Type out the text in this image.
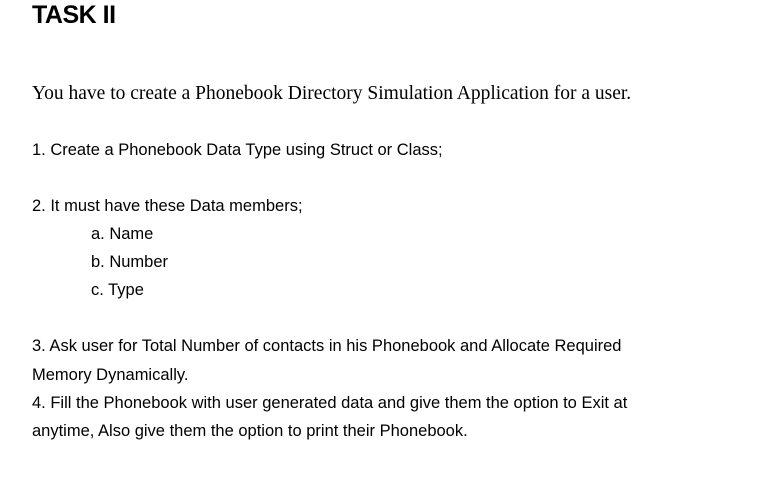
TASK II

You have to create a Phonebook Directory Simulation Application for a user.

1. Create a Phonebook Data Type using Struct or Class;

2. It must have these Data members;

a. Name

b. Number

c. Type

3. Ask user for Total Number of contacts in his Phonebook and Allocate Required

Memory Dynamically.

4. Fill the Phonebook with user generated data and give them the option to Exit at

anytime, Also give them the option to print their Phonebook.
